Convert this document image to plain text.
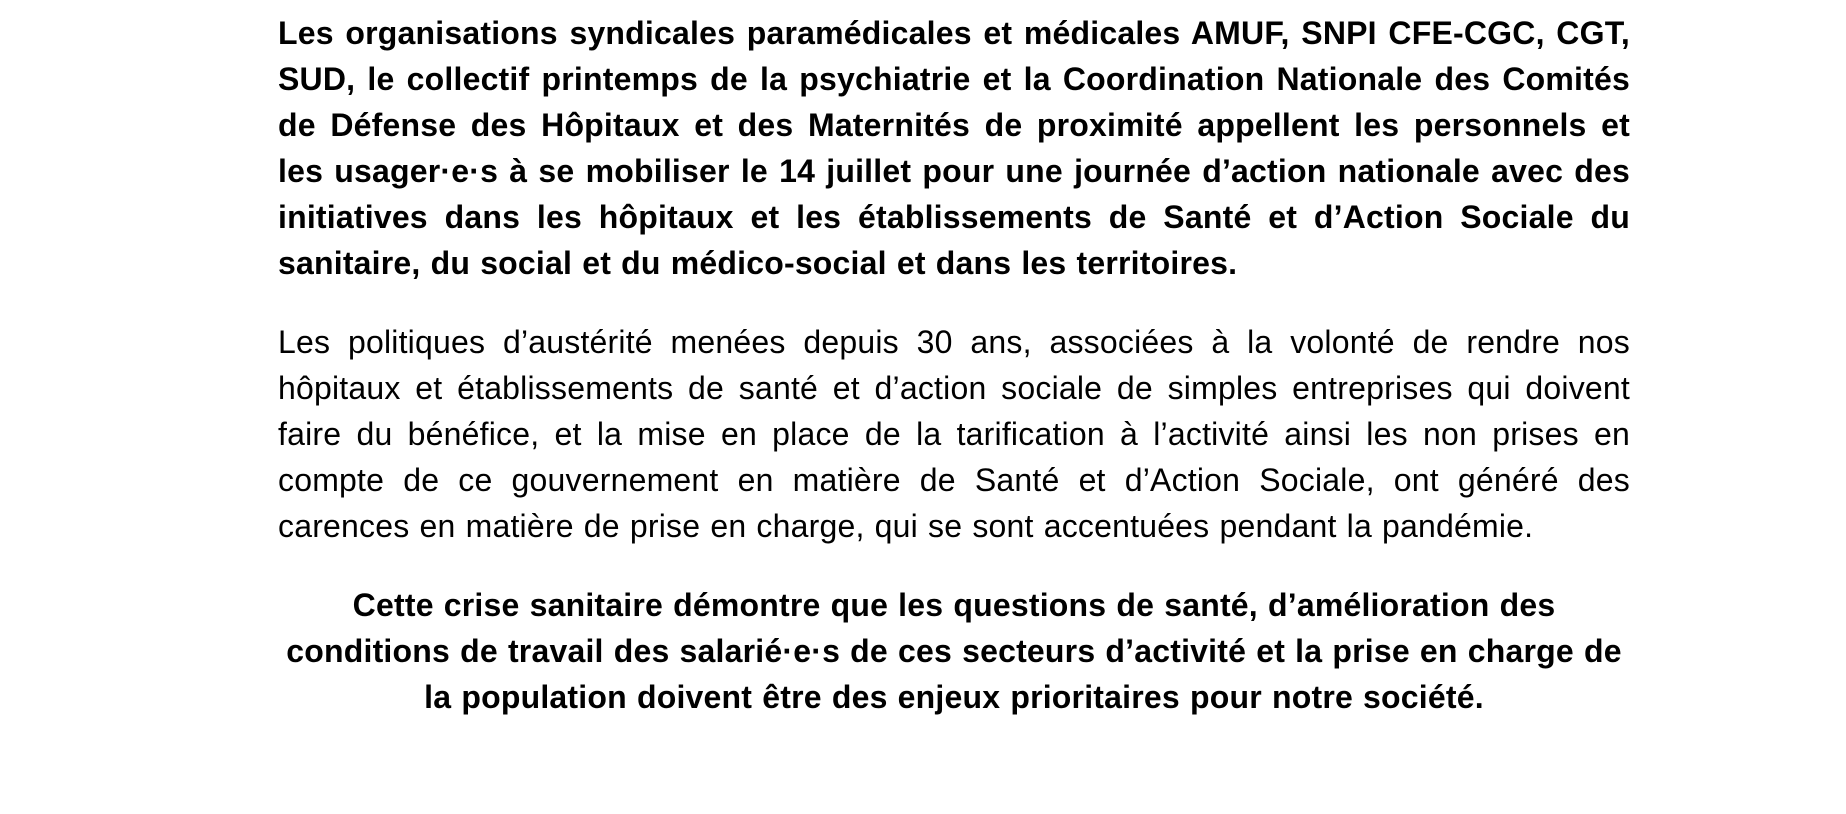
Les organisations syndicales paramédicales et médicales AMUF, SNPI CFE-CGC, CGT, SUD, le collectif printemps de la psychiatrie et la Coordination Nationale des Comités de Défense des Hôpitaux et des Maternités de proximité appellent les personnels et les usager·e·s à se mobiliser le 14 juillet pour une journée d’action nationale avec des initiatives dans les hôpitaux et les établissements de Santé et d’Action Sociale du sanitaire, du social et du médico-social et dans les territoires.

Les politiques d’austérité menées depuis 30 ans, associées à la volonté de rendre nos hôpitaux et établissements de santé et d’action sociale de simples entreprises qui doivent faire du bénéfice, et la mise en place de la tarification à l’activité ainsi les non prises en compte de ce gouvernement en matière de Santé et d’Action Sociale, ont généré des carences en matière de prise en charge, qui se sont accentuées pendant la pandémie.

Cette crise sanitaire démontre que les questions de santé, d’amélioration des conditions de travail des salarié·e·s de ces secteurs d’activité et la prise en charge de la population doivent être des enjeux prioritaires pour notre société.
